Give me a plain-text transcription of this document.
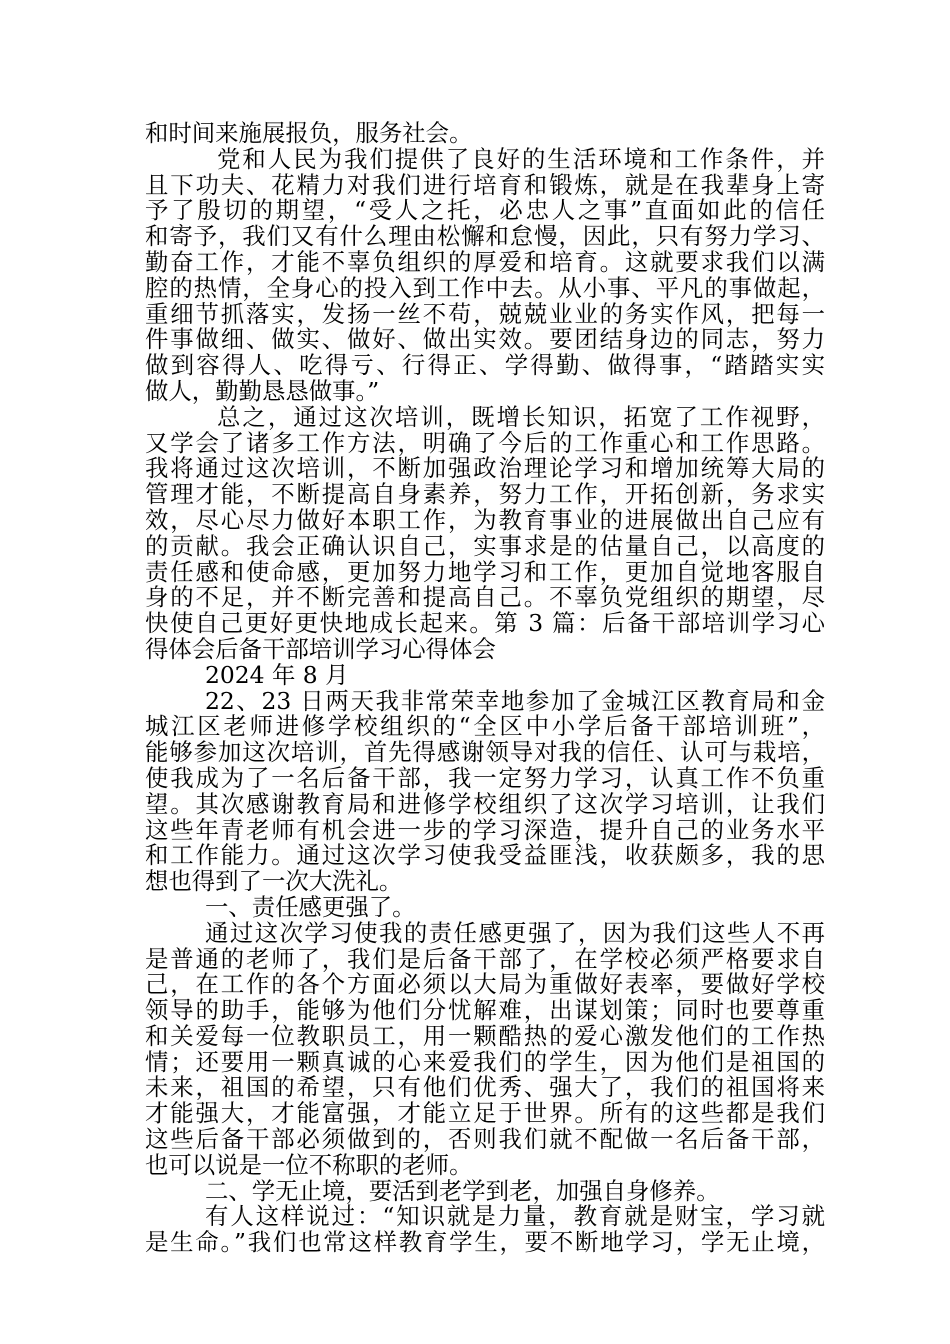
和时间来施展报负，服务社会。
党和人民为我们提供了良好的生活环境和工作条件，并
且下功夫、花精力对我们进行培育和锻炼，就是在我辈身上寄
予了殷切的期望，“受人之托，必忠人之事”直面如此的信任
和寄予，我们又有什么理由松懈和怠慢，因此，只有努力学习、
勤奋工作，才能不辜负组织的厚爱和培育。这就要求我们以满
腔的热情，全身心的投入到工作中去。从小事、平凡的事做起，
重细节抓落实，发扬一丝不苟，兢兢业业的务实作风，把每一
件事做细、做实、做好、做出实效。要团结身边的同志，努力
做到容得人、吃得亏、行得正、学得勤、做得事，“踏踏实实
做人，勤勤恳恳做事。”
总之，通过这次培训，既增长知识，拓宽了工作视野，
又学会了诸多工作方法，明确了今后的工作重心和工作思路。
我将通过这次培训，不断加强政治理论学习和增加统筹大局的
管理才能，不断提高自身素养，努力工作，开拓创新，务求实
效，尽心尽力做好本职工作，为教育事业的进展做出自己应有
的贡献。我会正确认识自己，实事求是的估量自己，以高度的
责任感和使命感，更加努力地学习和工作，更加自觉地客服自
身的不足，并不断完善和提高自己。不辜负党组织的期望，尽
快使自己更好更快地成长起来。第 3 篇：后备干部培训学习心
得体会后备干部培训学习心得体会
2024 年 8 月
22、23 日两天我非常荣幸地参加了金城江区教育局和金
城江区老师进修学校组织的“全区中小学后备干部培训班”，
能够参加这次培训，首先得感谢领导对我的信任、认可与栽培，
使我成为了一名后备干部，我一定努力学习，认真工作不负重
望。其次感谢教育局和进修学校组织了这次学习培训，让我们
这些年青老师有机会进一步的学习深造，提升自己的业务水平
和工作能力。通过这次学习使我受益匪浅，收获颇多，我的思
想也得到了一次大洗礼。
一、责任感更强了。
通过这次学习使我的责任感更强了，因为我们这些人不再
是普通的老师了，我们是后备干部了，在学校必须严格要求自
己，在工作的各个方面必须以大局为重做好表率，要做好学校
领导的助手，能够为他们分忧解难，出谋划策；同时也要尊重
和关爱每一位教职员工，用一颗酷热的爱心激发他们的工作热
情；还要用一颗真诚的心来爱我们的学生，因为他们是祖国的
未来，祖国的希望，只有他们优秀、强大了，我们的祖国将来
才能强大，才能富强，才能立足于世界。所有的这些都是我们
这些后备干部必须做到的，否则我们就不配做一名后备干部，
也可以说是一位不称职的老师。
二、学无止境，要活到老学到老，加强自身修养。
有人这样说过：“知识就是力量，教育就是财宝，学习就
是生命。”我们也常这样教育学生，要不断地学习，学无止境，
